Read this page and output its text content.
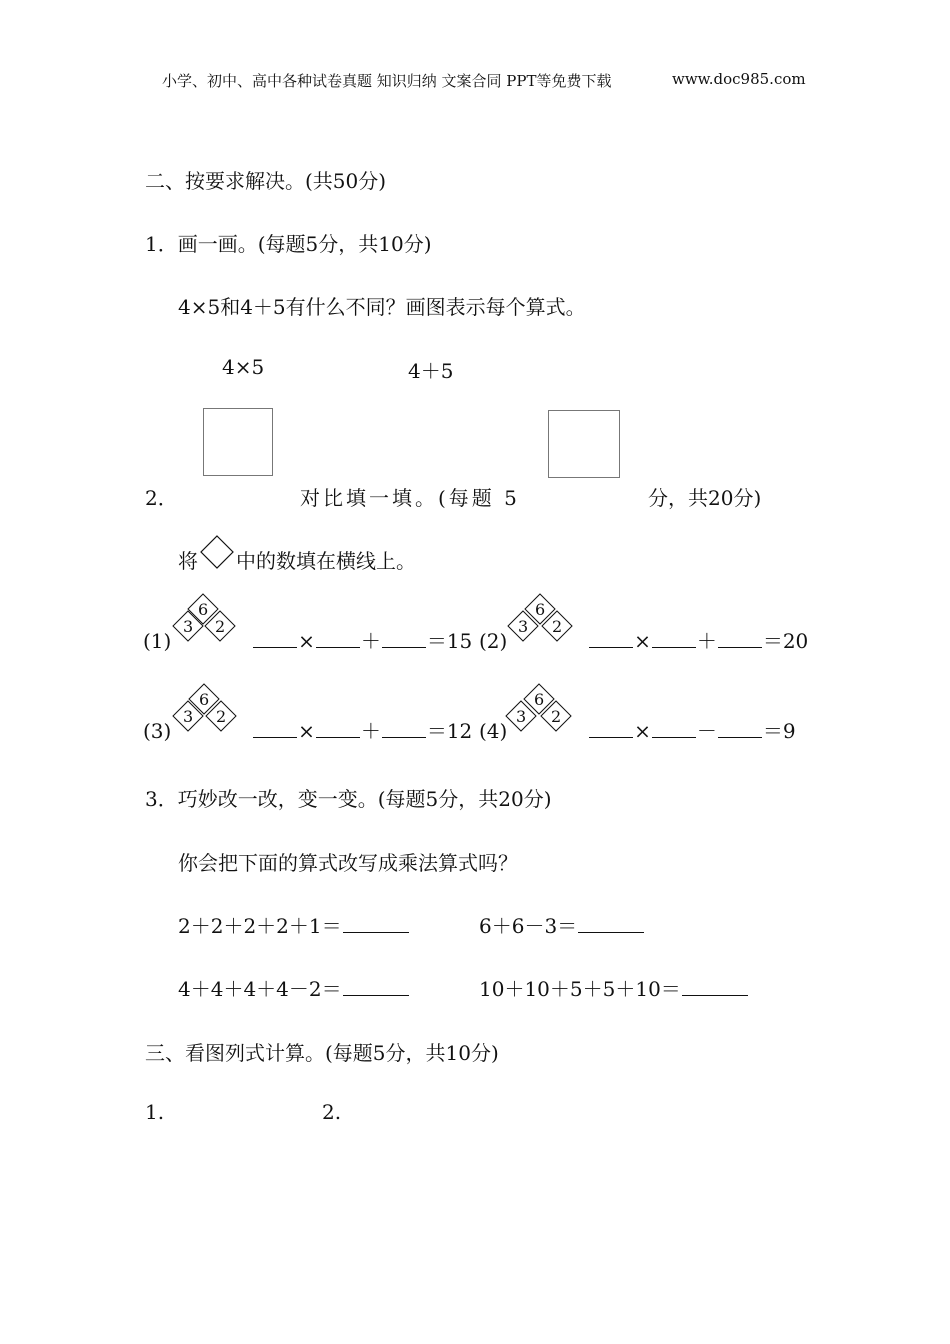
小学、初中、高中各种试卷真题 知识归纳 文案合同 PPT等免费下载	www.doc985.com
二、按要求解决。(共50分)
1．画一画。(每题5分，共10分)
4×5和4＋5有什么不同？画图表示每个算式。
4×5	4＋5
2．	对比填一填。(每题 5	分，共20分)
将 中的数填在横线上。
6
3 2
6
3 2
6
3 2
6
3 2
(1)	× ＋ ＝15 (2)	× ＋ ＝20
(3)	× ＋ ＝12 (4)	× － ＝9
3．巧妙改一改，变一变。(每题5分，共20分)
你会把下面的算式改写成乘法算式吗？
2＋2＋2＋2＋1＝	6＋6－3＝
4＋4＋4＋4－2＝	10＋10＋5＋5＋10＝
三、看图列式计算。(每题5分，共10分)
1.	2.
